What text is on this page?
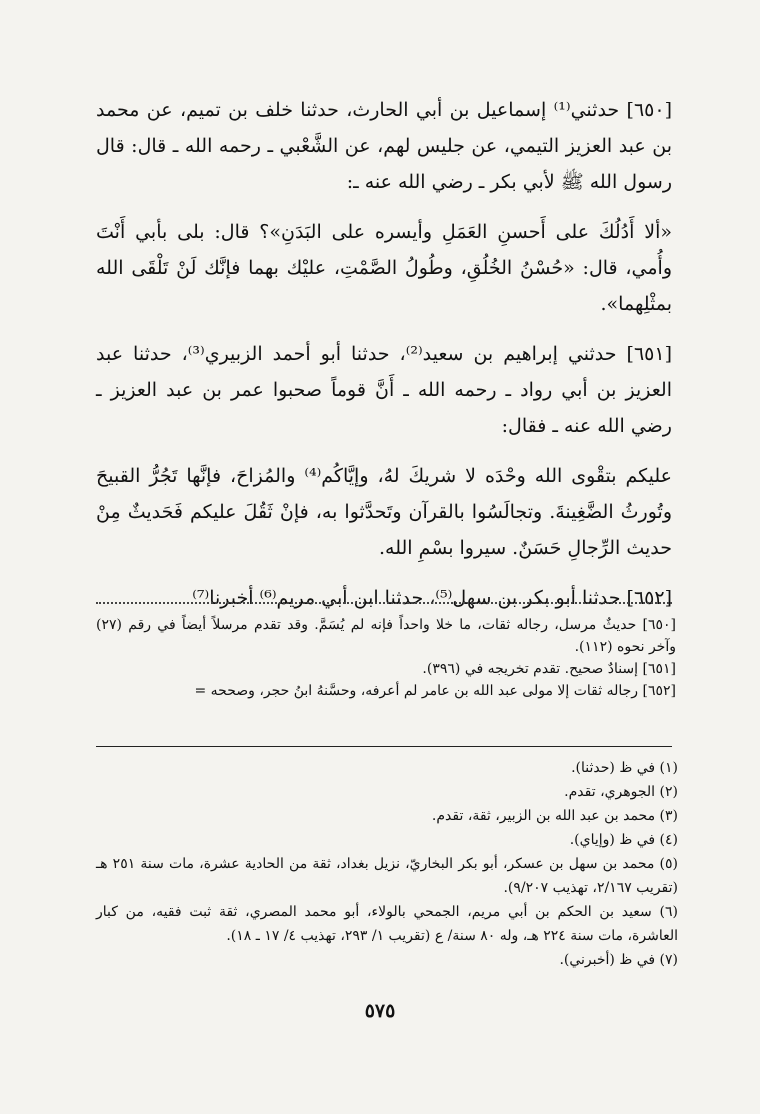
[٦٥٠] حدثني⁽¹⁾ إسماعيل بن أبي الحارث، حدثنا خلف بن تميم، عن محمد بن عبد العزيز التيمي، عن جليس لهم، عن الشَّعْبي ـ رحمه الله ـ قال: قال رسول الله ﷺ لأبي بكر ـ رضي الله عنه ـ:

«ألا أَدُلُكَ على أَحسنِ العَمَلِ وأيسره على البَدَنِ»؟ قال: بلى بأبي أَنْتَ وأُمي، قال: «حُسْنُ الخُلُقِ، وطُولُ الصَّمْتِ، عليْك بهما فإنَّك لَنْ تَلْقَى الله بمثْلِهما».

[٦٥١] حدثني إبراهيم بن سعيد⁽²⁾، حدثنا أبو أحمد الزبيري⁽³⁾، حدثنا عبد العزيز بن أبي رواد ـ رحمه الله ـ أَنَّ قوماً صحبوا عمر بن عبد العزيز ـ رضي الله عنه ـ فقال:

عليكم بتقْوى الله وحْدَه لا شريكَ لهُ، وإيَّاكُم⁽⁴⁾ والمُزاحَ، فإنَّها تَجُرُّ القبيحَ وتُورثُ الضَّغِينةَ. وتجالَسُوا بالقرآن وتَحدَّثوا به، فإنْ ثَقُلَ عليكم فَحَديثٌ مِنْ حديث الرِّجالِ حَسَنٌ. سيروا بسْمِ الله.

[٦٥٢] حدثنا أبو بكر بن سهل⁽⁵⁾، حدثنا ابن أبي مريم⁽⁶⁾ أخبرنا⁽⁷⁾

[٦٥٠] حديثٌ مرسل، رجاله ثقات، ما خلا واحداً فإنه لم يُسَمَّ. وقد تقدم مرسلاً أيضاً في رقم (٢٧) وآخر نحوه (١١٢).

[٦٥١] إسنادٌ صحيح. تقدم تخريجه في (٣٩٦).

[٦٥٢] رجاله ثقات إلا مولى عبد الله بن عامر لم أعرفه، وحسَّنهُ ابنُ حجر، وصححه =

(١) في ظ (حدثنا).

(٢) الجوهري، تقدم.

(٣) محمد بن عبد الله بن الزبير، ثقة، تقدم.

(٤) في ظ (وإياي).

(٥) محمد بن سهل بن عسكر، أبو بكر البخاريّ، نزيل بغداد، ثقة من الحادية عشرة، مات سنة ٢٥١ هـ (تقريب ٢/١٦٧، تهذيب ٩/٢٠٧).

(٦) سعيد بن الحكم بن أبي مريم، الجمحي بالولاء، أبو محمد المصري، ثقة ثبت فقيه، من كبار العاشرة، مات سنة ٢٢٤ هـ، وله ٨٠ سنة/ ع (تقريب ١/ ٢٩٣، تهذيب ٤/ ١٧ ـ ١٨).

(٧) في ظ (أخبرني).

٥٧٥
